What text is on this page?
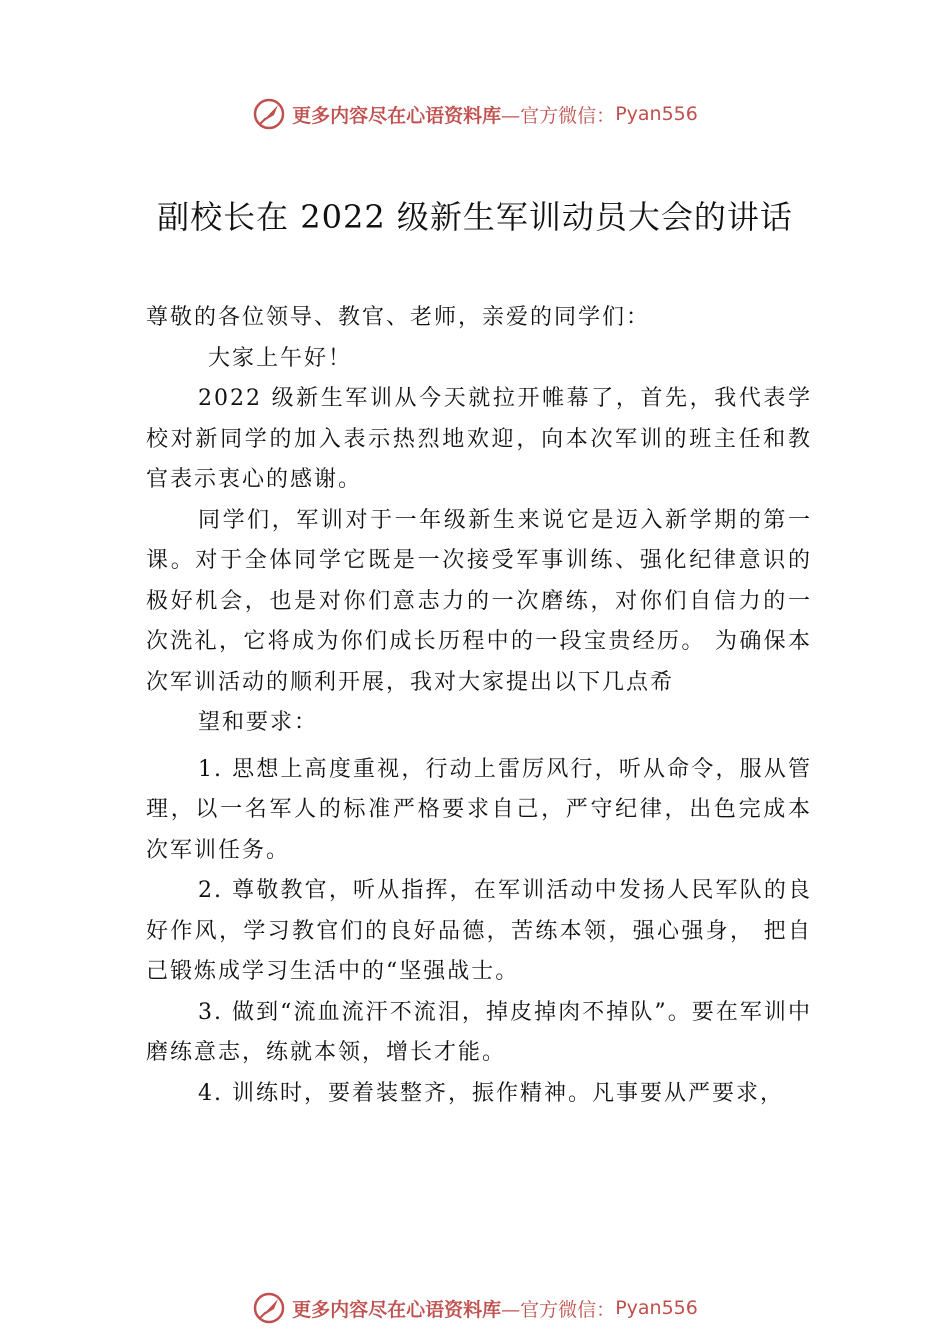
更多内容尽在心语资料库 —官方微信： Pyan556
副校长在 2022 级新生军训动员大会的讲话

尊敬的各位领导、教官、老师，亲爱的同学们：

大家上午好！

2022 级新生军训从今天就拉开帷幕了，首先，我代表学校对新同学的加入表示热烈地欢迎，向本次军训的班主任和教官表示衷心的感谢。

同学们，军训对于一年级新生来说它是迈入新学期的第一课。对于全体同学它既是一次接受军事训练、强化纪律意识的极好机会，也是对你们意志力的一次磨练，对你们自信力的一次洗礼，它将成为你们成长历程中的一段宝贵经历。 为确保本次军训活动的顺利开展，我对大家提出以下几点希

望和要求：

1. 思想上高度重视，行动上雷厉风行，听从命令，服从管理，以一名军人的标准严格要求自己，严守纪律，出色完成本次军训任务。

2. 尊敬教官，听从指挥，在军训活动中发扬人民军队的良好作风，学习教官们的良好品德，苦练本领，强心强身， 把自己锻炼成学习生活中的“坚强战士。

3. 做到“流血流汗不流泪，掉皮掉肉不掉队”。要在军训中磨练意志，练就本领，增长才能。

4. 训练时，要着装整齐，振作精神。凡事要从严要求，

更多内容尽在心语资料库 —官方微信： Pyan556
